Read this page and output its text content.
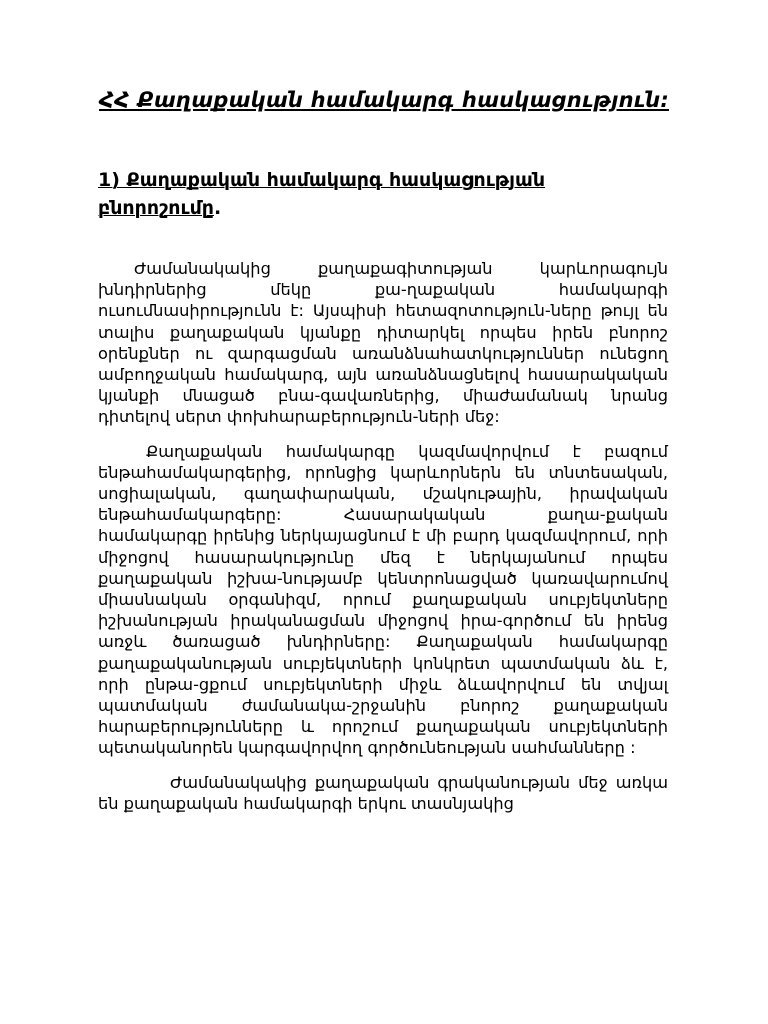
ՀՀ Քաղաքական համակարգ հասկացություն:
1) Քաղաքական համակարգ հասկացության
բնորոշումը.

Ժամանակակից քաղաքագիտության կարևորագույն խնդիրներից մեկը քա-ղաքական համակարգի ուսումնասիրությունն է: Այսպիսի հետազոտություն-ները թույլ են տալիս քաղաքական կյանքը դիտարկել որպես իրեն բնորոշ օրենքներ ու զարգացման առանձնահատկություններ ունեցող ամբողջական համակարգ, այն առանձնացնելով հասարակական կյանքի մնացած բնա-գավառներից, միաժամանակ նրանց դիտելով սերտ փոխհարաբերություն-ների մեջ:

Քաղաքական համակարգը կազմավորվում է բազում ենթահամակարգերից, որոնցից կարևորներն են տնտեսական, սոցիալական, գաղափարական, մշակութային, իրավական ենթահամակարգերը: Հասարակական քաղա-քական համակարգը իրենից ներկայացնում է մի բարդ կազմավորում, որի միջոցով հասարակությունը մեզ է ներկայանում որպես քաղաքական իշխա-նությամբ կենտրոնացված կառավարումով միասնական օրգանիզմ, որում քաղաքական սուբյեկտները իշխանության իրականացման միջոցով իրա-գործում են իրենց առջև ծառացած խնդիրները: Քաղաքական համակարգը քաղաքականության սուբյեկտների կոնկրետ պատմական ձև է, որի ընթա-ցքում սուբյեկտների միջև ձևավորվում են տվյալ պատմական ժամանակա-շրջանին բնորոշ քաղաքական հարաբերությունները և որոշում քաղաքական սուբյեկտների պետականորեն կարգավորվող գործունեության սահմանները :

Ժամանակակից քաղաքական գրականության մեջ առկա են քաղաքական համակարգի երկու տասնյակից
